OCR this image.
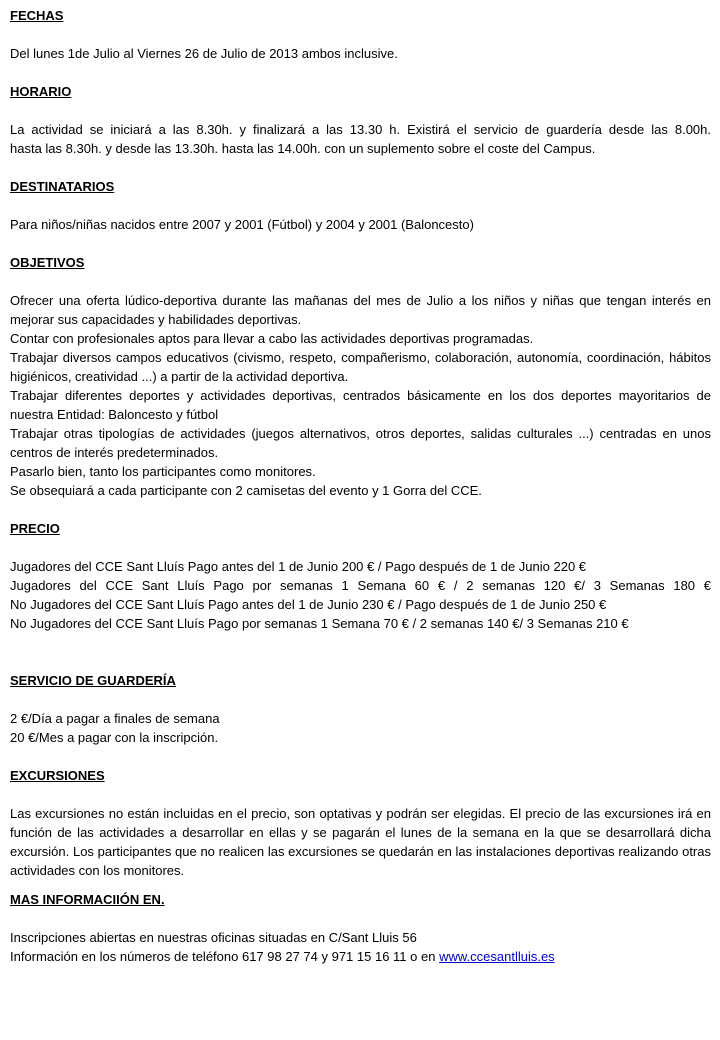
FECHAS

Del lunes 1de Julio al Viernes 26 de Julio de 2013 ambos inclusive.

HORARIO

La actividad se iniciará a las 8.30h. y finalizará a las 13.30 h. Existirá el servicio de guardería desde las 8.00h.

hasta las 8.30h. y desde las 13.30h. hasta las 14.00h. con un suplemento sobre el coste del Campus.

DESTINATARIOS

Para niños/niñas nacidos entre 2007 y 2001 (Fútbol) y 2004 y 2001 (Baloncesto)

OBJETIVOS

Ofrecer una oferta lúdico-deportiva durante las mañanas del mes de Julio a los niños y niñas que tengan interés en mejorar sus capacidades y habilidades deportivas.

Contar con profesionales aptos para llevar a cabo las actividades deportivas programadas.

Trabajar diversos campos educativos (civismo, respeto, compañerismo, colaboración, autonomía, coordinación, hábitos higiénicos, creatividad ...) a partir de la actividad deportiva.

Trabajar diferentes deportes y actividades deportivas, centrados básicamente en los dos deportes mayoritarios de nuestra Entidad: Baloncesto y fútbol

Trabajar otras tipologías de actividades (juegos alternativos, otros deportes, salidas culturales ...) centradas en unos centros de interés predeterminados.

Pasarlo bien, tanto los participantes como monitores.

Se obsequiará a cada participante con 2 camisetas del evento y 1 Gorra del CCE.

PRECIO

Jugadores del CCE Sant Lluís Pago antes del 1 de Junio 200 € / Pago después de 1 de Junio 220 €

Jugadores del CCE Sant Lluís Pago por semanas 1 Semana 60 € / 2 semanas 120 €/ 3 Semanas 180 €

No Jugadores del CCE Sant Lluís Pago antes del 1 de Junio 230 € / Pago después de 1 de Junio 250 €

No Jugadores del CCE Sant Lluís Pago por semanas 1 Semana 70 € / 2 semanas 140 €/ 3 Semanas 210 €

SERVICIO DE GUARDERÍA

2 €/Día a pagar a finales de semana

20 €/Mes a pagar con la inscripción.

EXCURSIONES

Las excursiones no están incluidas en el precio, son optativas y podrán ser elegidas. El precio de las excursiones irá en función de las actividades a desarrollar en ellas y se pagarán el lunes de la semana en la que se desarrollará dicha excursión. Los participantes que no realicen las excursiones se quedarán en las instalaciones deportivas realizando otras actividades con los monitores.

MAS INFORMACIIÓN EN.

Inscripciones abiertas en nuestras oficinas situadas en C/Sant Lluis 56

Información en los números de teléfono 617 98 27 74 y 971 15 16 11 o en www.ccesantlluis.es
